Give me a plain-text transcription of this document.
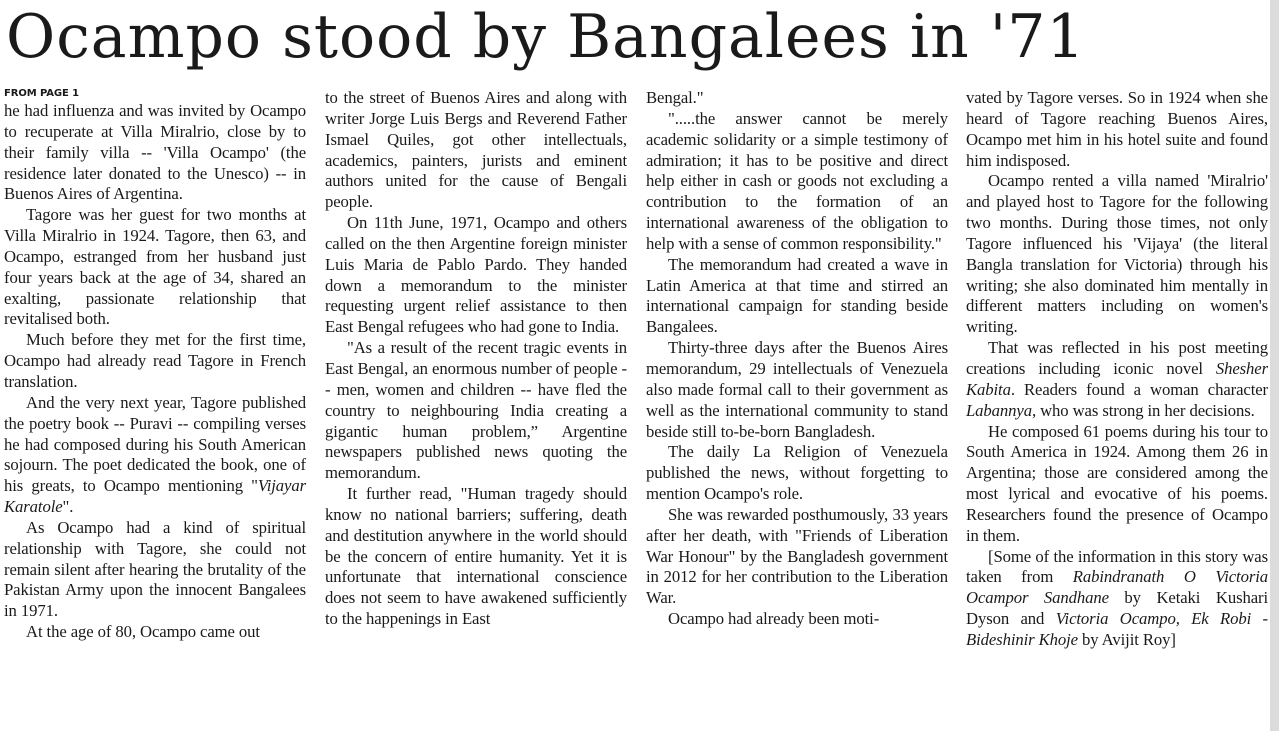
Ocampo stood by Bangalees in '71
FROM PAGE 1

he had influenza and was invited by Ocampo to recuperate at Villa Miralrio, close by to their family villa -- 'Villa Ocampo' (the residence later donated to the Unesco) -- in Buenos Aires of Argentina.

Tagore was her guest for two months at Villa Miralrio in 1924. Tagore, then 63, and Ocampo, estranged from her husband just four years back at the age of 34, shared an exalting, passionate relationship that revitalised both.

Much before they met for the first time, Ocampo had already read Tagore in French translation.

And the very next year, Tagore published the poetry book -- Puravi -- compiling verses he had composed during his South American sojourn. The poet dedicated the book, one of his greats, to Ocampo mentioning "Vijayar Karatole".

As Ocampo had a kind of spiritual relationship with Tagore, she could not remain silent after hearing the brutality of the Pakistan Army upon the innocent Bangalees in 1971.

At the age of 80, Ocampo came out

to the street of Buenos Aires and along with writer Jorge Luis Bergs and Reverend Father Ismael Quiles, got other intellectuals, academics, painters, jurists and eminent authors united for the cause of Bengali people.

On 11th June, 1971, Ocampo and others called on the then Argentine foreign minister Luis Maria de Pablo Pardo. They handed down a memorandum to the minister requesting urgent relief assistance to then East Bengal refugees who had gone to India.

"As a result of the recent tragic events in East Bengal, an enormous number of people -- men, women and children -- have fled the country to neighbouring India creating a gigantic human problem,” Argentine newspapers published news quoting the memorandum.

It further read, "Human tragedy should know no national barriers; suffering, death and destitution anywhere in the world should be the concern of entire humanity. Yet it is unfortunate that international conscience does not seem to have awakened sufficiently to the happenings in East

Bengal."

".....the answer cannot be merely academic solidarity or a simple testimony of admiration; it has to be positive and direct help either in cash or goods not excluding a contribution to the formation of an international awareness of the obligation to help with a sense of common responsibility."

The memorandum had created a wave in Latin America at that time and stirred an international campaign for standing beside Bangalees.

Thirty-three days after the Buenos Aires memorandum, 29 intellectuals of Venezuela also made formal call to their government as well as the international community to stand beside still to-be-born Bangladesh.

The daily La Religion of Venezuela published the news, without forgetting to mention Ocampo's role.

She was rewarded posthumously, 33 years after her death, with "Friends of Liberation War Honour" by the Bangladesh government in 2012 for her contribution to the Liberation War.

Ocampo had already been moti-

vated by Tagore verses. So in 1924 when she heard of Tagore reaching Buenos Aires, Ocampo met him in his hotel suite and found him indisposed.

Ocampo rented a villa named 'Miralrio' and played host to Tagore for the following two months. During those times, not only Tagore influenced his 'Vijaya' (the literal Bangla translation for Victoria) through his writing; she also dominated him mentally in different matters including on women's writing.

That was reflected in his post meeting creations including iconic novel Shesher Kabita. Readers found a woman character Labannya, who was strong in her decisions.

He composed 61 poems during his tour to South America in 1924. Among them 26 in Argentina; those are considered among the most lyrical and evocative of his poems. Researchers found the presence of Ocampo in them.

[Some of the information in this story was taken from Rabindranath O Victoria Ocampor Sandhane by Ketaki Kushari Dyson and Victoria Ocampo, Ek Robi -Bideshinir Khoje by Avijit Roy]
